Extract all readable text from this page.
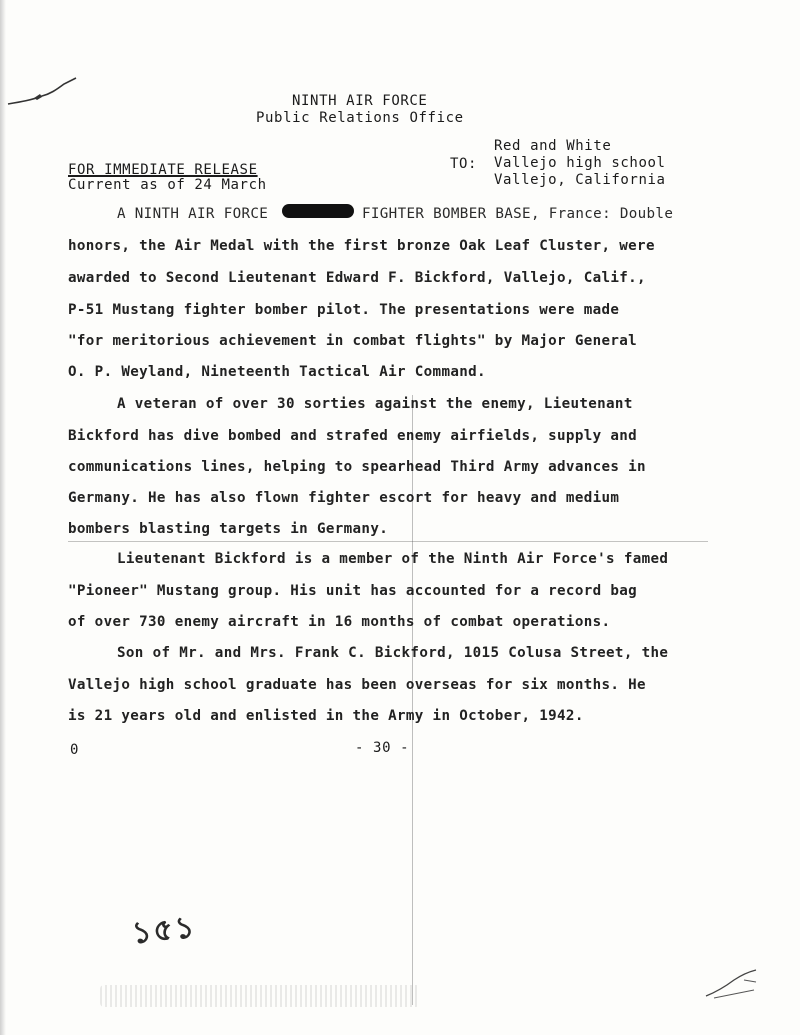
NINTH AIR FORCE
Public Relations Office
Red and White
TO: Vallejo high school
Vallejo, California
FOR IMMEDIATE RELEASE
Current as of 24 March
A NINTH AIR FORCE	FIGHTER BOMBER BASE, France: Double
honors, the Air Medal with the first bronze Oak Leaf Cluster, were
awarded to Second Lieutenant Edward F. Bickford, Vallejo, Calif.,
P-51 Mustang fighter bomber pilot. The presentations were made
"for meritorious achievement in combat flights" by Major General
O. P. Weyland, Nineteenth Tactical Air Command.
A veteran of over 30 sorties against the enemy, Lieutenant
Bickford has dive bombed and strafed enemy airfields, supply and
communications lines, helping to spearhead Third Army advances in
Germany. He has also flown fighter escort for heavy and medium
bombers blasting targets in Germany.
Lieutenant Bickford is a member of the Ninth Air Force's famed
"Pioneer" Mustang group. His unit has accounted for a record bag
of over 730 enemy aircraft in 16 months of combat operations.
Son of Mr. and Mrs. Frank C. Bickford, 1015 Colusa Street, the
Vallejo high school graduate has been overseas for six months. He
is 21 years old and enlisted in the Army in October, 1942.
0	- 30 -
১৫১
